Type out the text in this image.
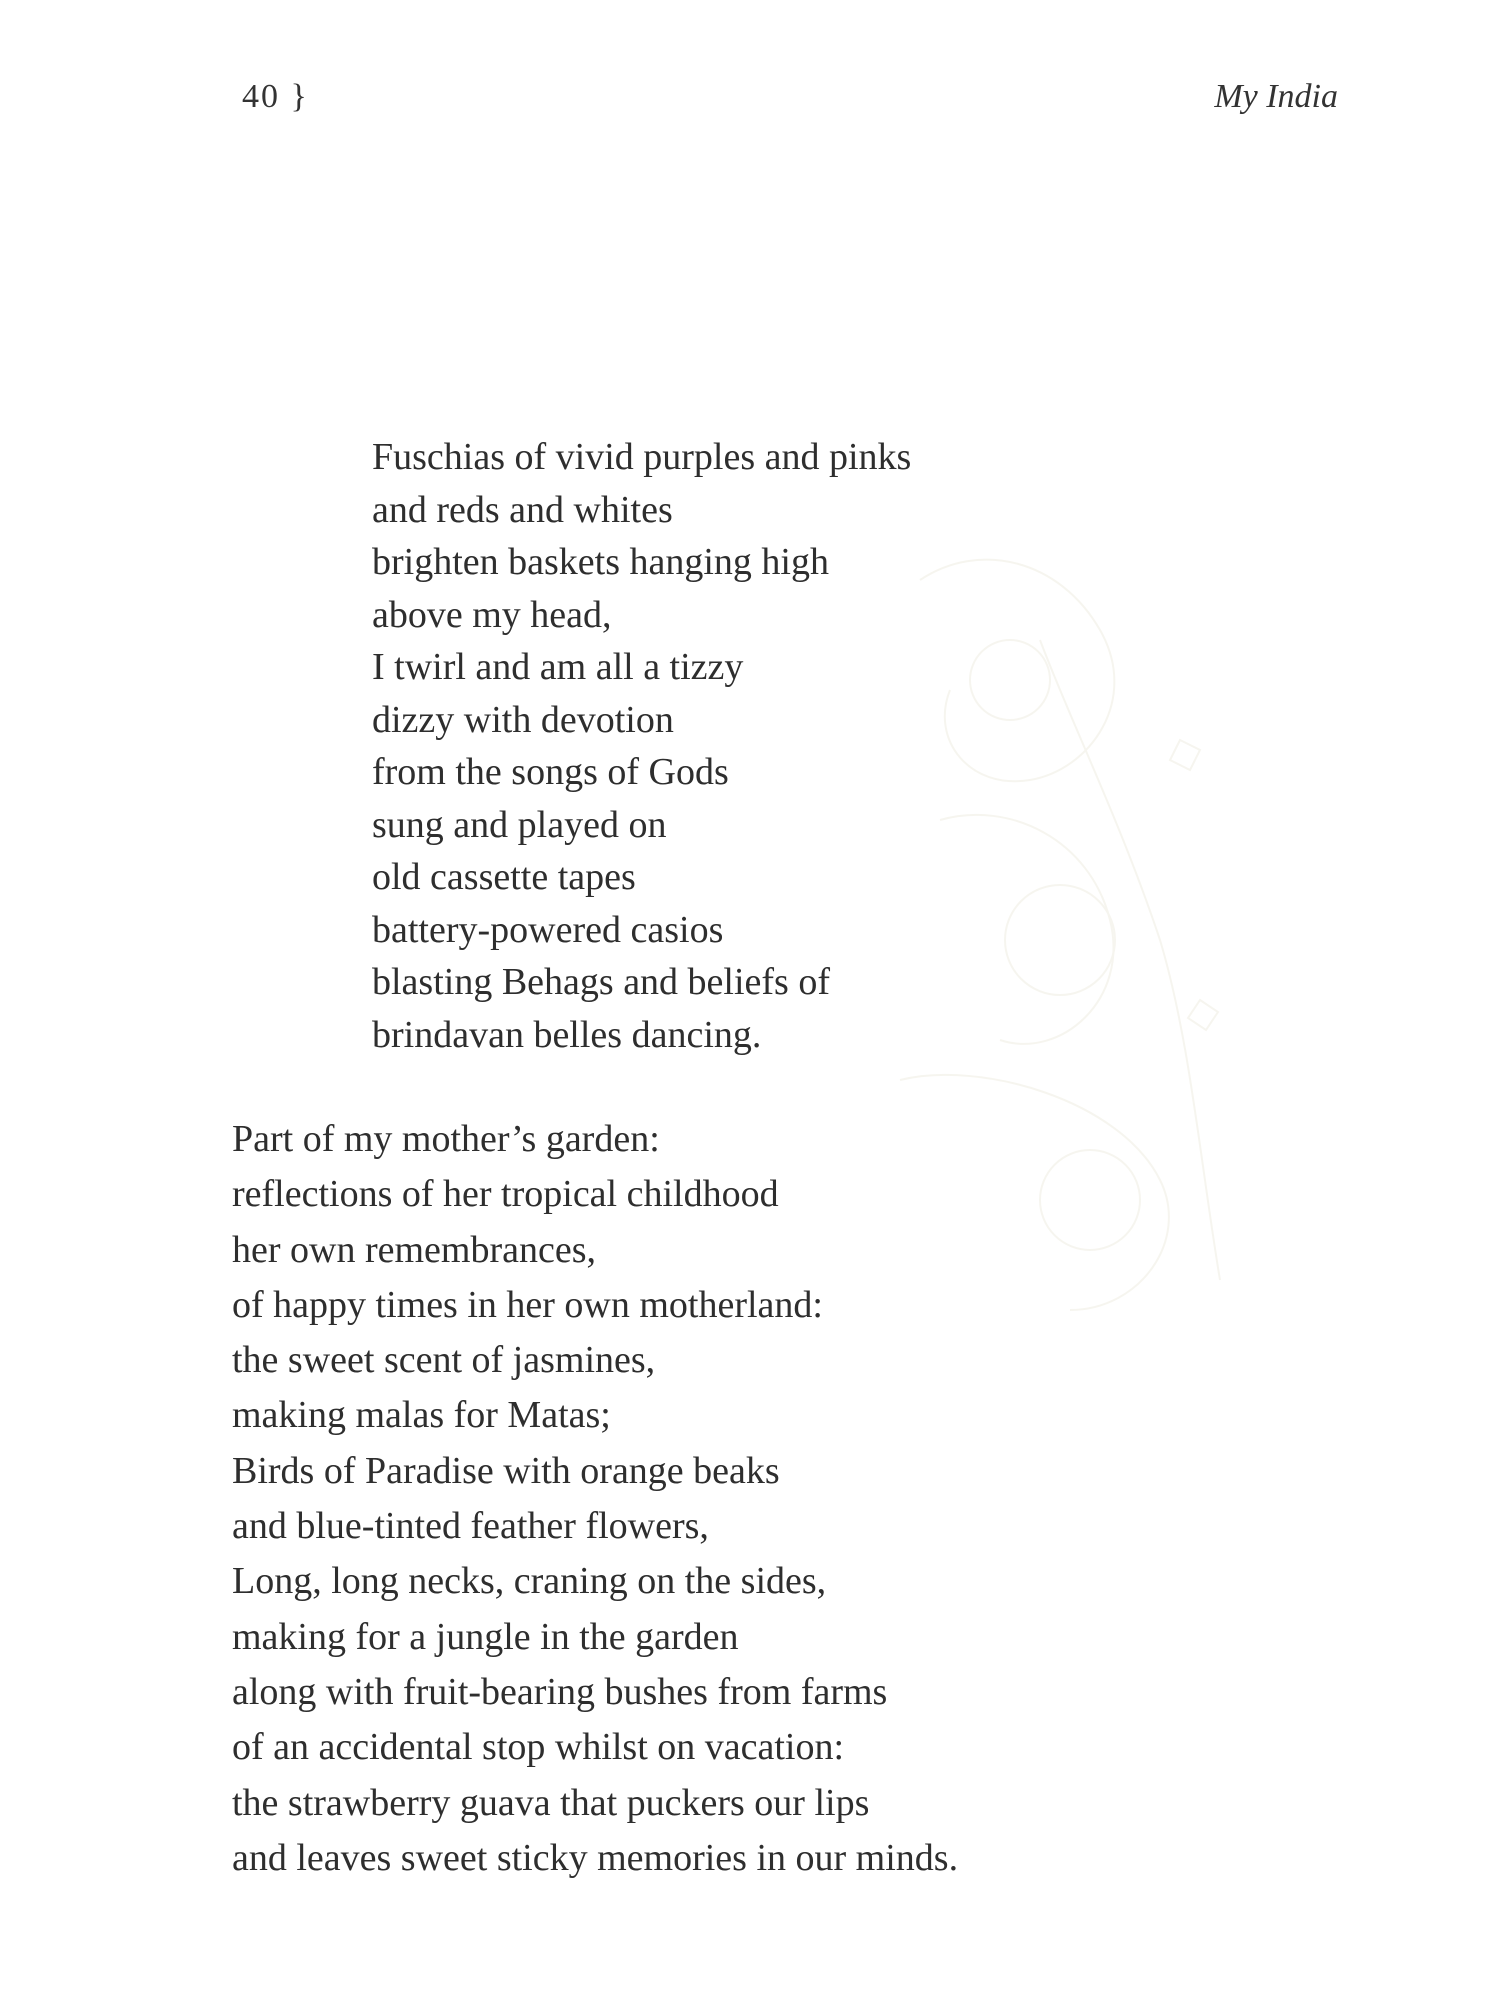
40 }	My India
Fuschias of vivid purples and pinks
and reds and whites
brighten baskets hanging high
above my head,
I twirl and am all a tizzy
dizzy with devotion
from the songs of Gods
sung and played on
old cassette tapes
battery-powered casios
blasting Behags and beliefs of
brindavan belles dancing.
Part of my mother’s garden:
reflections of her tropical childhood
her own remembrances,
of happy times in her own motherland:
the sweet scent of jasmines,
making malas for Matas;
Birds of Paradise with orange beaks
and blue-tinted feather flowers,
Long, long necks, craning on the sides,
making for a jungle in the garden
along with fruit-bearing bushes from farms
of an accidental stop whilst on vacation:
the strawberry guava that puckers our lips
and leaves sweet sticky memories in our minds.
